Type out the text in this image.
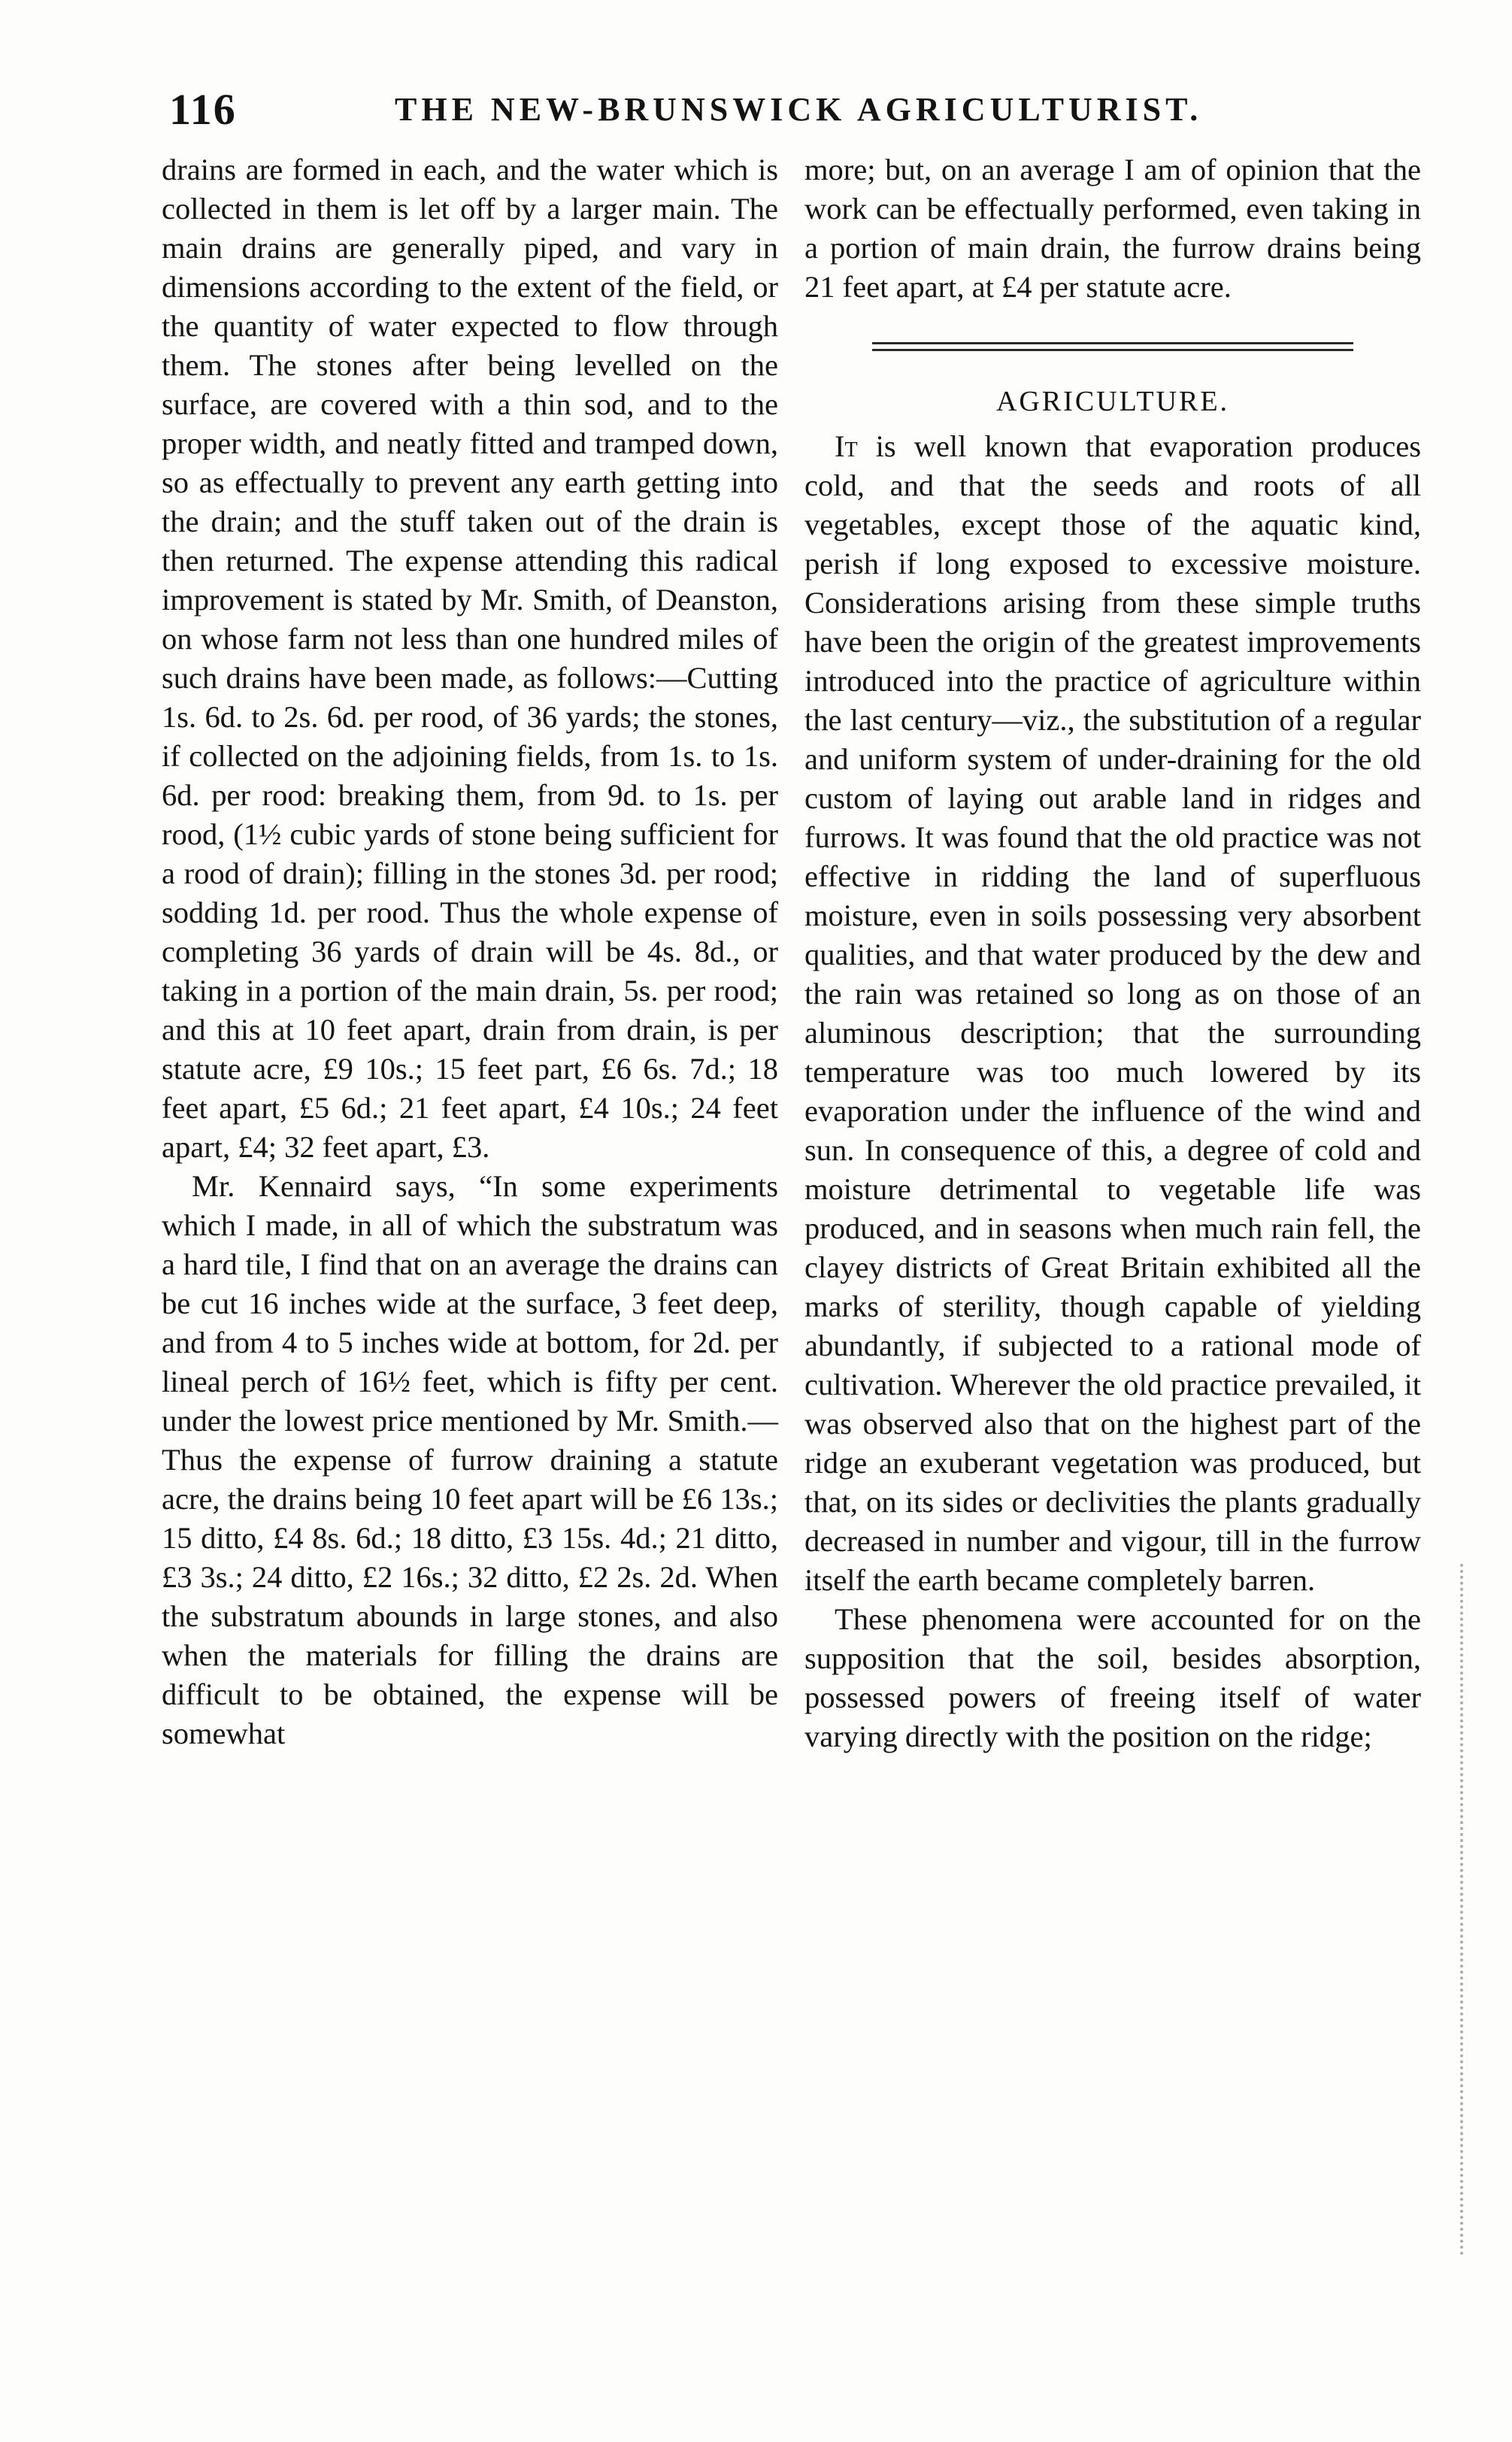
116	THE NEW-BRUNSWICK AGRICULTURIST.

drains are formed in each, and the water which is collected in them is let off by a larger main. The main drains are generally piped, and vary in dimensions according to the extent of the field, or the quantity of water expected to flow through them. The stones after being levelled on the surface, are covered with a thin sod, and to the proper width, and neatly fitted and tramped down, so as effectually to prevent any earth getting into the drain; and the stuff taken out of the drain is then returned. The expense attending this radical improvement is stated by Mr. Smith, of Deanston, on whose farm not less than one hundred miles of such drains have been made, as follows:—Cutting 1s. 6d. to 2s. 6d. per rood, of 36 yards; the stones, if collected on the adjoining fields, from 1s. to 1s. 6d. per rood: breaking them, from 9d. to 1s. per rood, (1½ cubic yards of stone being sufficient for a rood of drain); filling in the stones 3d. per rood; sodding 1d. per rood. Thus the whole expense of completing 36 yards of drain will be 4s. 8d., or taking in a portion of the main drain, 5s. per rood; and this at 10 feet apart, drain from drain, is per statute acre, £9 10s.; 15 feet part, £6 6s. 7d.; 18 feet apart, £5 6d.; 21 feet apart, £4 10s.; 24 feet apart, £4; 32 feet apart, £3.

Mr. Kennaird says, “In some experiments which I made, in all of which the substratum was a hard tile, I find that on an average the drains can be cut 16 inches wide at the surface, 3 feet deep, and from 4 to 5 inches wide at bottom, for 2d. per lineal perch of 16½ feet, which is fifty per cent. under the lowest price mentioned by Mr. Smith.—Thus the expense of furrow draining a statute acre, the drains being 10 feet apart will be £6 13s.; 15 ditto, £4 8s. 6d.; 18 ditto, £3 15s. 4d.; 21 ditto, £3 3s.; 24 ditto, £2 16s.; 32 ditto, £2 2s. 2d. When the substratum abounds in large stones, and also when the materials for filling the drains are difficult to be obtained, the expense will be somewhat

more; but, on an average I am of opinion that the work can be effectually performed, even taking in a portion of main drain, the furrow drains being 21 feet apart, at £4 per statute acre.

AGRICULTURE.

It is well known that evaporation produces cold, and that the seeds and roots of all vegetables, except those of the aquatic kind, perish if long exposed to excessive moisture. Considerations arising from these simple truths have been the origin of the greatest improvements introduced into the practice of agriculture within the last century—viz., the substitution of a regular and uniform system of under-draining for the old custom of laying out arable land in ridges and furrows. It was found that the old practice was not effective in ridding the land of superfluous moisture, even in soils possessing very absorbent qualities, and that water produced by the dew and the rain was retained so long as on those of an aluminous description; that the surrounding temperature was too much lowered by its evaporation under the influence of the wind and sun. In consequence of this, a degree of cold and moisture detrimental to vegetable life was produced, and in seasons when much rain fell, the clayey districts of Great Britain exhibited all the marks of sterility, though capable of yielding abundantly, if subjected to a rational mode of cultivation. Wherever the old practice prevailed, it was observed also that on the highest part of the ridge an exuberant vegetation was produced, but that, on its sides or declivities the plants gradually decreased in number and vigour, till in the furrow itself the earth became completely barren.

These phenomena were accounted for on the supposition that the soil, besides absorption, possessed powers of freeing itself of water varying directly with the position on the ridge;
